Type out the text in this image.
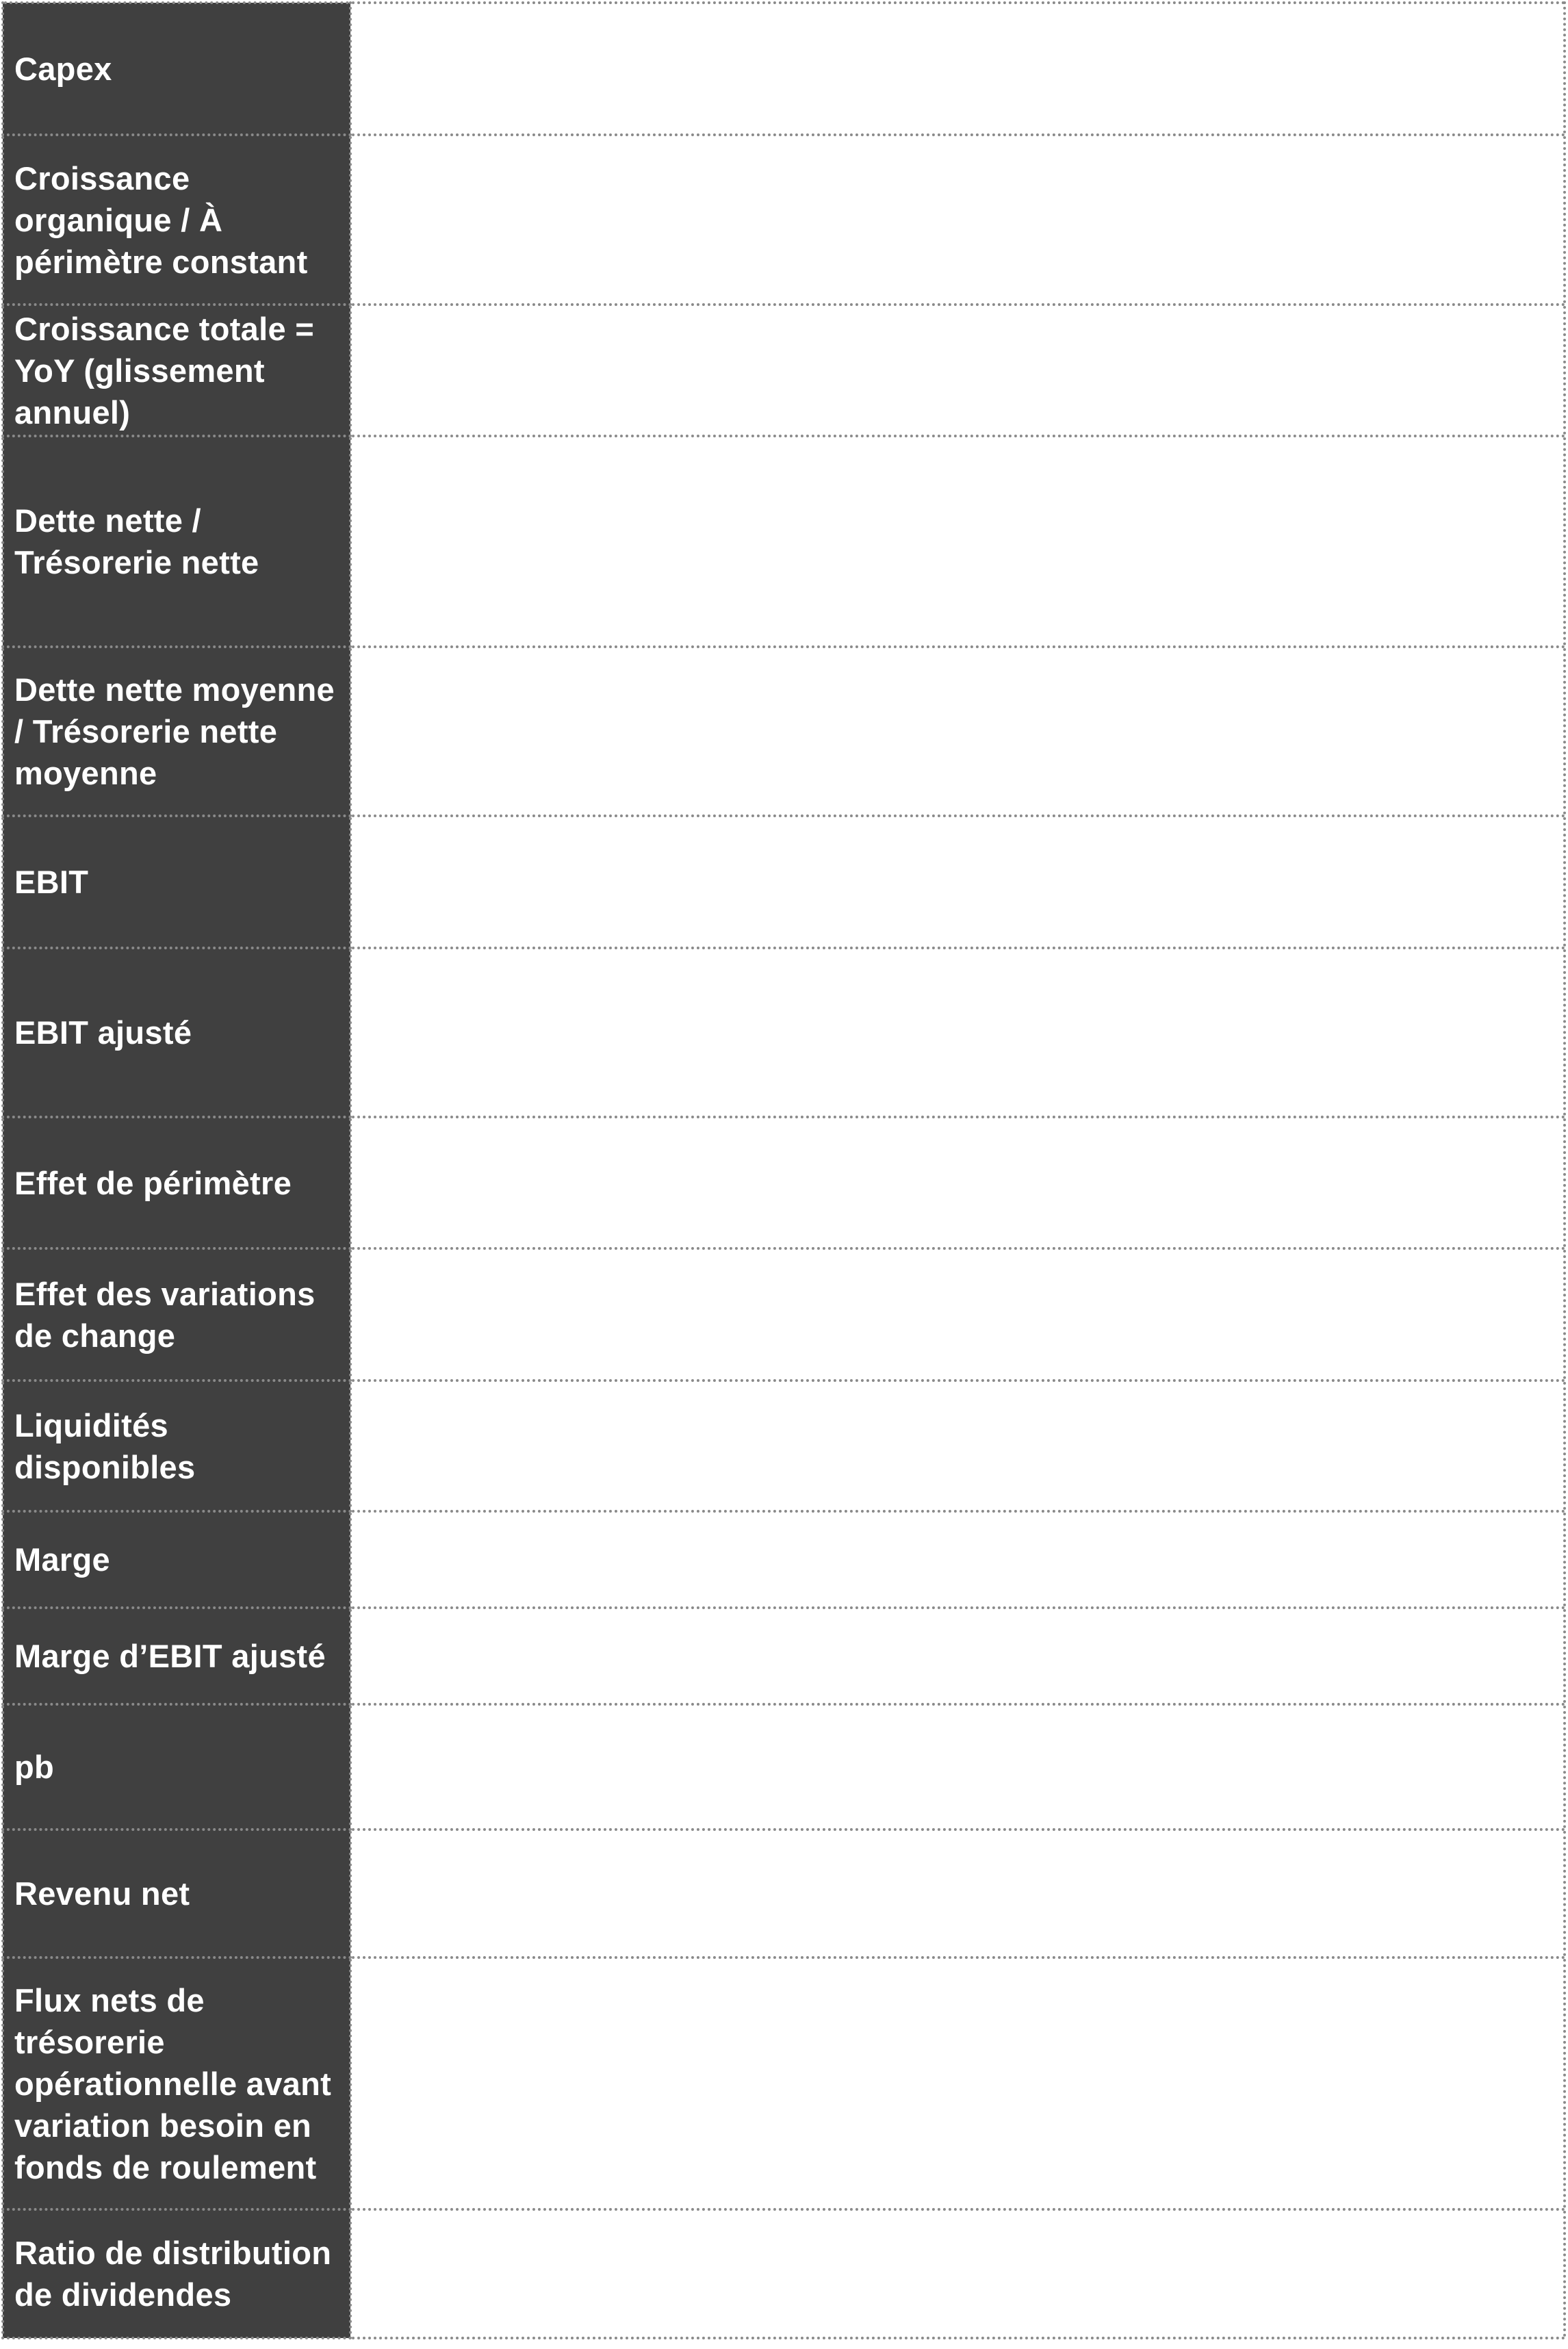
Capex	
Croissance organique / À périmètre constant	
Croissance totale = YoY (glissement annuel)	
Dette nette / Trésorerie nette	
Dette nette moyenne / Trésorerie nette moyenne	
EBIT	
EBIT ajusté	
Effet de périmètre	
Effet des variations de change	
Liquidités disponibles	
Marge	
Marge d’EBIT ajusté	
pb	
Revenu net	
Flux nets de trésorerie opérationnelle avant variation besoin en fonds de roulement	
Ratio de distribution de dividendes	
